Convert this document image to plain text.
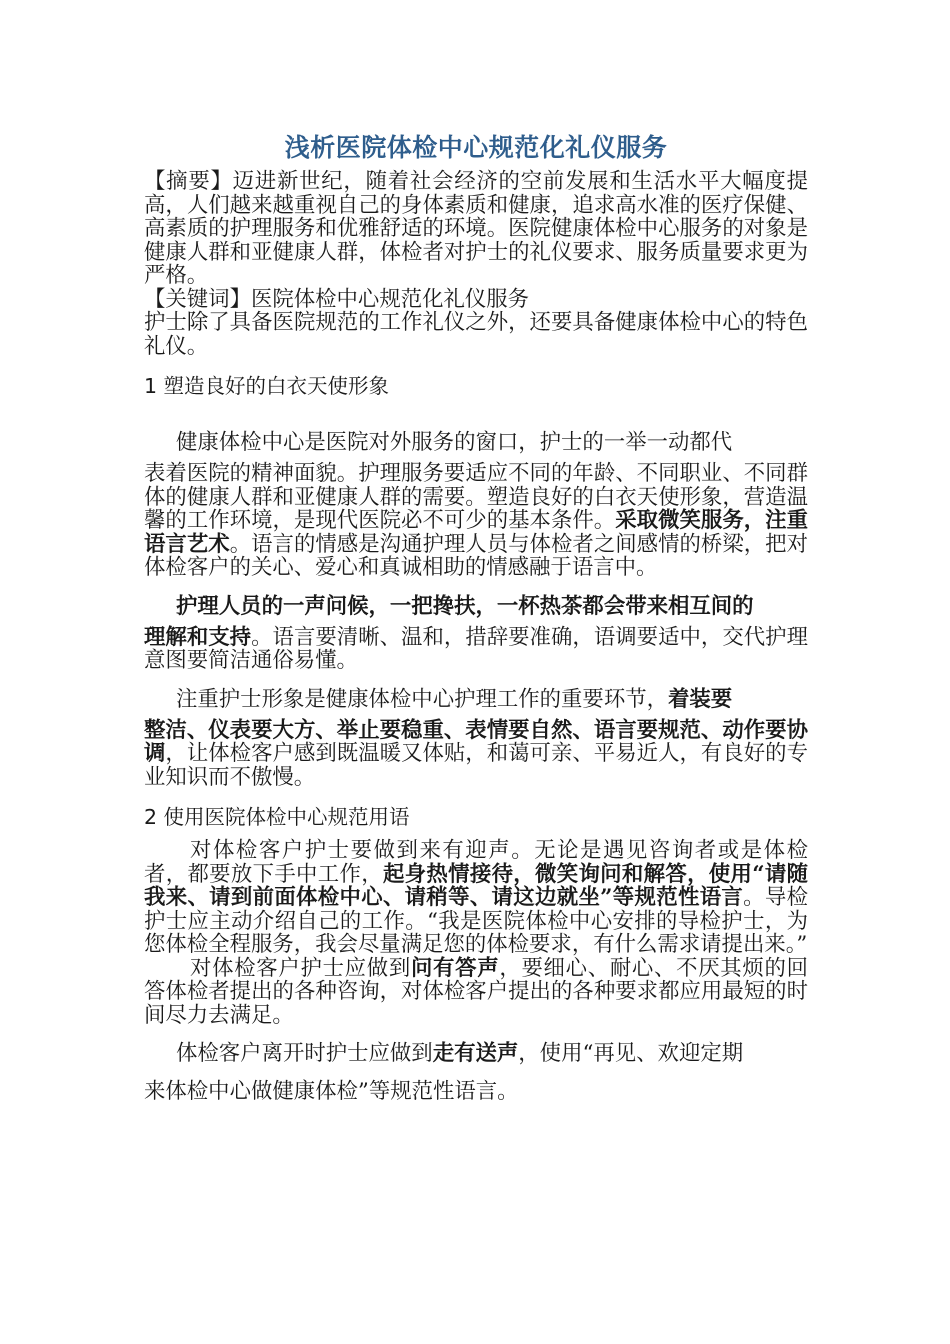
浅析医院体检中心规范化礼仪服务

【摘要】迈进新世纪，随着社会经济的空前发展和生活水平大幅度提高，人们越来越重视自己的身体素质和健康，追求高水准的医疗保健、高素质的护理服务和优雅舒适的环境。医院健康体检中心服务的对象是健康人群和亚健康人群，体检者对护士的礼仪要求、服务质量要求更为严格。

【关键词】医院体检中心规范化礼仪服务

护士除了具备医院规范的工作礼仪之外，还要具备健康体检中心的特色礼仪。

1 塑造良好的白衣天使形象

健康体检中心是医院对外服务的窗口，护士的一举一动都代
表着医院的精神面貌。护理服务要适应不同的年龄、不同职业、不同群体的健康人群和亚健康人群的需要。塑造良好的白衣天使形象，营造温馨的工作环境，是现代医院必不可少的基本条件。采取微笑服务，注重语言艺术。语言的情感是沟通护理人员与体检者之间感情的桥梁，把对体检客户的关心、爱心和真诚相助的情感融于语言中。

护理人员的一声问候，一把搀扶，一杯热茶都会带来相互间的
理解和支持。语言要清晰、温和，措辞要准确，语调要适中，交代护理意图要简洁通俗易懂。

注重护士形象是健康体检中心护理工作的重要环节，着装要
整洁、仪表要大方、举止要稳重、表情要自然、语言要规范、动作要协调，让体检客户感到既温暖又体贴，和蔼可亲、平易近人，有良好的专业知识而不傲慢。

2 使用医院体检中心规范用语

对体检客户护士要做到来有迎声。无论是遇见咨询者或是体检者，都要放下手中工作，起身热情接待，微笑询问和解答，使用“请随我来、请到前面体检中心、请稍等、请这边就坐”等规范性语言。导检护士应主动介绍自己的工作。“我是医院体检中心安排的导检护士，为您体检全程服务，我会尽量满足您的体检要求，有什么需求请提出来。”

对体检客户护士应做到问有答声，要细心、耐心、不厌其烦的回答体检者提出的各种咨询，对体检客户提出的各种要求都应用最短的时间尽力去满足。

体检客户离开时护士应做到走有送声，使用“再见、欢迎定期
来体检中心做健康体检”等规范性语言。
